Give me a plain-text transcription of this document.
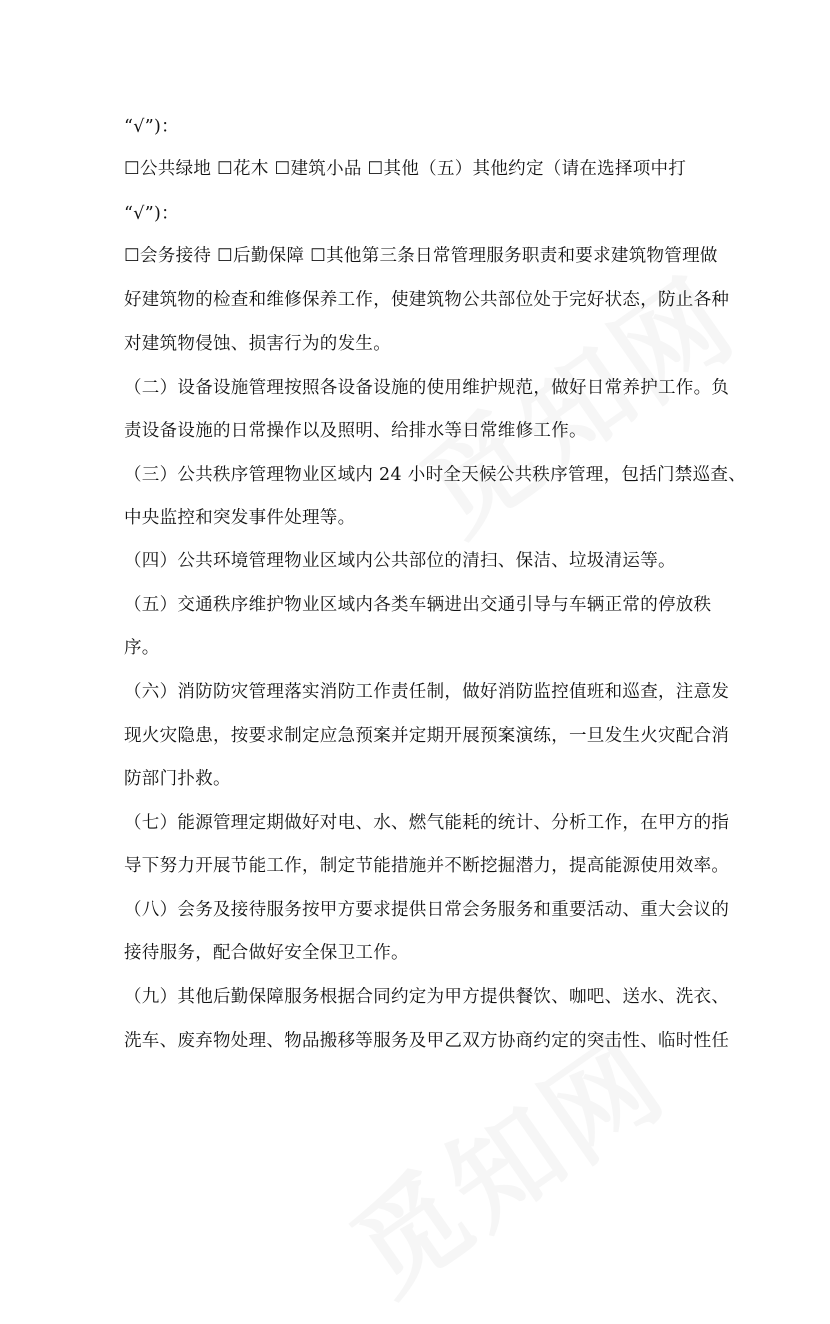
“√”)：
☐公共绿地 ☐花木 ☐建筑小品 ☐其他（五）其他约定（请在选择项中打
“√”)：
☐会务接待 ☐后勤保障 ☐其他第三条日常管理服务职责和要求建筑物管理做
好建筑物的检查和维修保养工作，使建筑物公共部位处于完好状态，防止各种
对建筑物侵蚀、损害行为的发生。
（二）设备设施管理按照各设备设施的使用维护规范，做好日常养护工作。负
责设备设施的日常操作以及照明、给排水等日常维修工作。
（三）公共秩序管理物业区域内 24 小时全天候公共秩序管理，包括门禁巡查、
中央监控和突发事件处理等。
（四）公共环境管理物业区域内公共部位的清扫、保洁、垃圾清运等。
（五）交通秩序维护物业区域内各类车辆进出交通引导与车辆正常的停放秩
序。
（六）消防防灾管理落实消防工作责任制，做好消防监控值班和巡查，注意发
现火灾隐患，按要求制定应急预案并定期开展预案演练，一旦发生火灾配合消
防部门扑救。
（七）能源管理定期做好对电、水、燃气能耗的统计、分析工作，在甲方的指
导下努力开展节能工作，制定节能措施并不断挖掘潜力，提高能源使用效率。
（八）会务及接待服务按甲方要求提供日常会务服务和重要活动、重大会议的
接待服务，配合做好安全保卫工作。
（九）其他后勤保障服务根据合同约定为甲方提供餐饮、咖吧、送水、洗衣、
洗车、废弃物处理、物品搬移等服务及甲乙双方协商约定的突击性、临时性任
